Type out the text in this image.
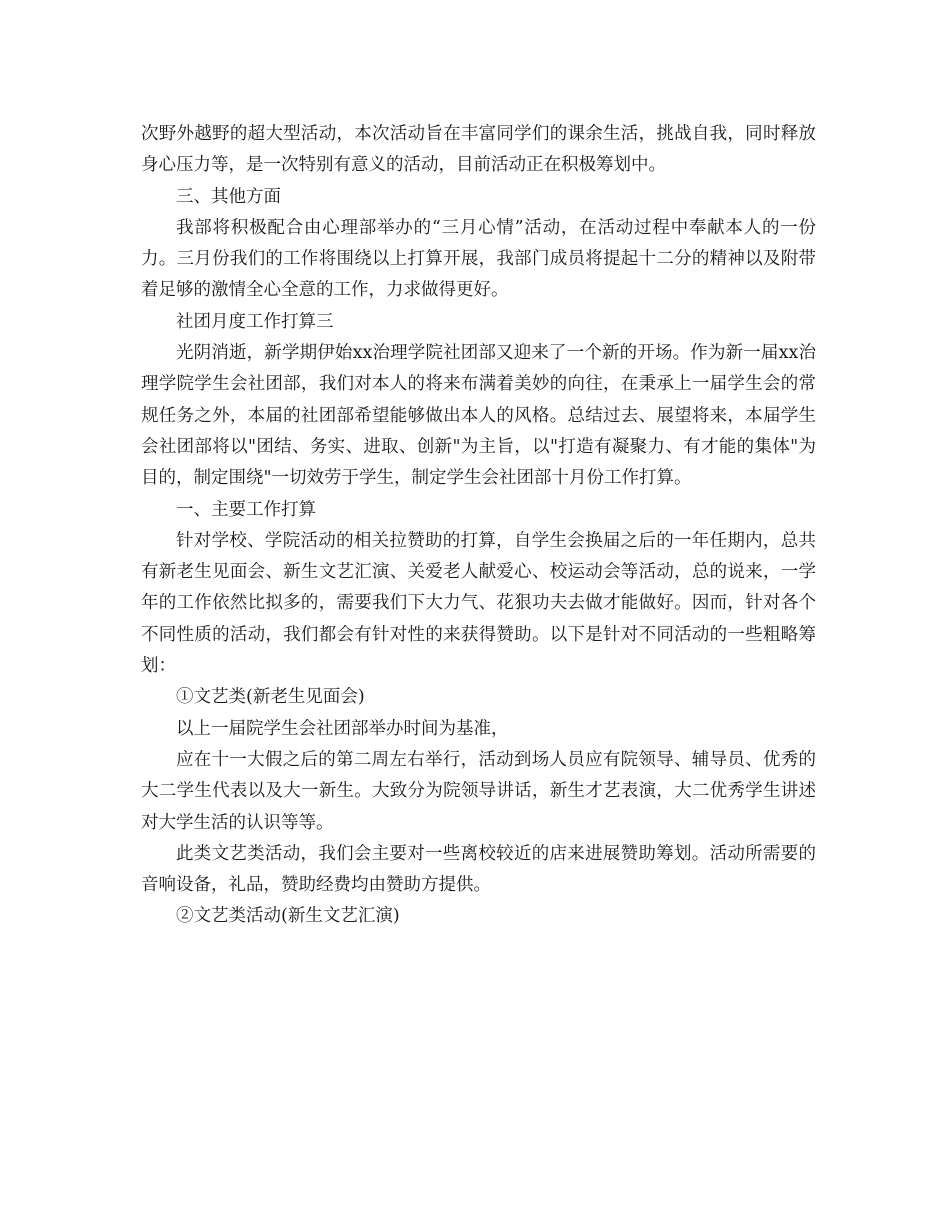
次野外越野的超大型活动，本次活动旨在丰富同学们的课余生活，挑战自我，同时释放身心压力等，是一次特别有意义的活动，目前活动正在积极筹划中。

三、其他方面

我部将积极配合由心理部举办的“三月心情”活动，在活动过程中奉献本人的一份力。三月份我们的工作将围绕以上打算开展，我部门成员将提起十二分的精神以及附带着足够的激情全心全意的工作，力求做得更好。

社团月度工作打算三

光阴消逝，新学期伊始xx治理学院社团部又迎来了一个新的开场。作为新一届xx治理学院学生会社团部，我们对本人的将来布满着美妙的向往，在秉承上一届学生会的常规任务之外，本届的社团部希望能够做出本人的风格。总结过去、展望将来，本届学生会社团部将以"团结、务实、进取、创新"为主旨，以"打造有凝聚力、有才能的集体"为目的，制定围绕"一切效劳于学生，制定学生会社团部十月份工作打算。

一、主要工作打算

针对学校、学院活动的相关拉赞助的打算，自学生会换届之后的一年任期内，总共有新老生见面会、新生文艺汇演、关爱老人献爱心、校运动会等活动，总的说来，一学年的工作依然比拟多的，需要我们下大力气、花狠功夫去做才能做好。因而，针对各个不同性质的活动，我们都会有针对性的来获得赞助。以下是针对不同活动的一些粗略筹划：

①文艺类(新老生见面会)

以上一届院学生会社团部举办时间为基准，

应在十一大假之后的第二周左右举行，活动到场人员应有院领导、辅导员、优秀的大二学生代表以及大一新生。大致分为院领导讲话，新生才艺表演，大二优秀学生讲述对大学生活的认识等等。

此类文艺类活动，我们会主要对一些离校较近的店来进展赞助筹划。活动所需要的音响设备，礼品，赞助经费均由赞助方提供。

②文艺类活动(新生文艺汇演)
